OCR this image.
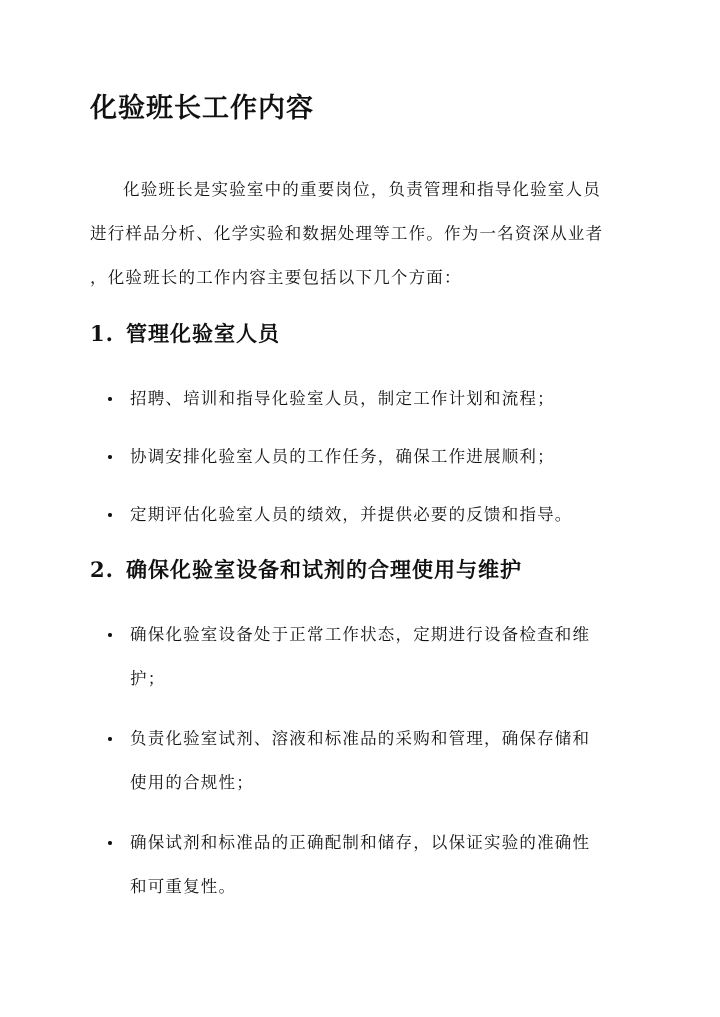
化验班长工作内容

化验班长是实验室中的重要岗位，负责管理和指导化验室人员
进行样品分析、化学实验和数据处理等工作。作为一名资深从业者
，化验班长的工作内容主要包括以下几个方面：

1. 管理化验室人员
招聘、培训和指导化验室人员，制定工作计划和流程；
协调安排化验室人员的工作任务，确保工作进展顺利；
定期评估化验室人员的绩效，并提供必要的反馈和指导。
2. 确保化验室设备和试剂的合理使用与维护
确保化验室设备处于正常工作状态，定期进行设备检查和维
护；
负责化验室试剂、溶液和标准品的采购和管理，确保存储和
使用的合规性；
确保试剂和标准品的正确配制和储存，以保证实验的准确性
和可重复性。
